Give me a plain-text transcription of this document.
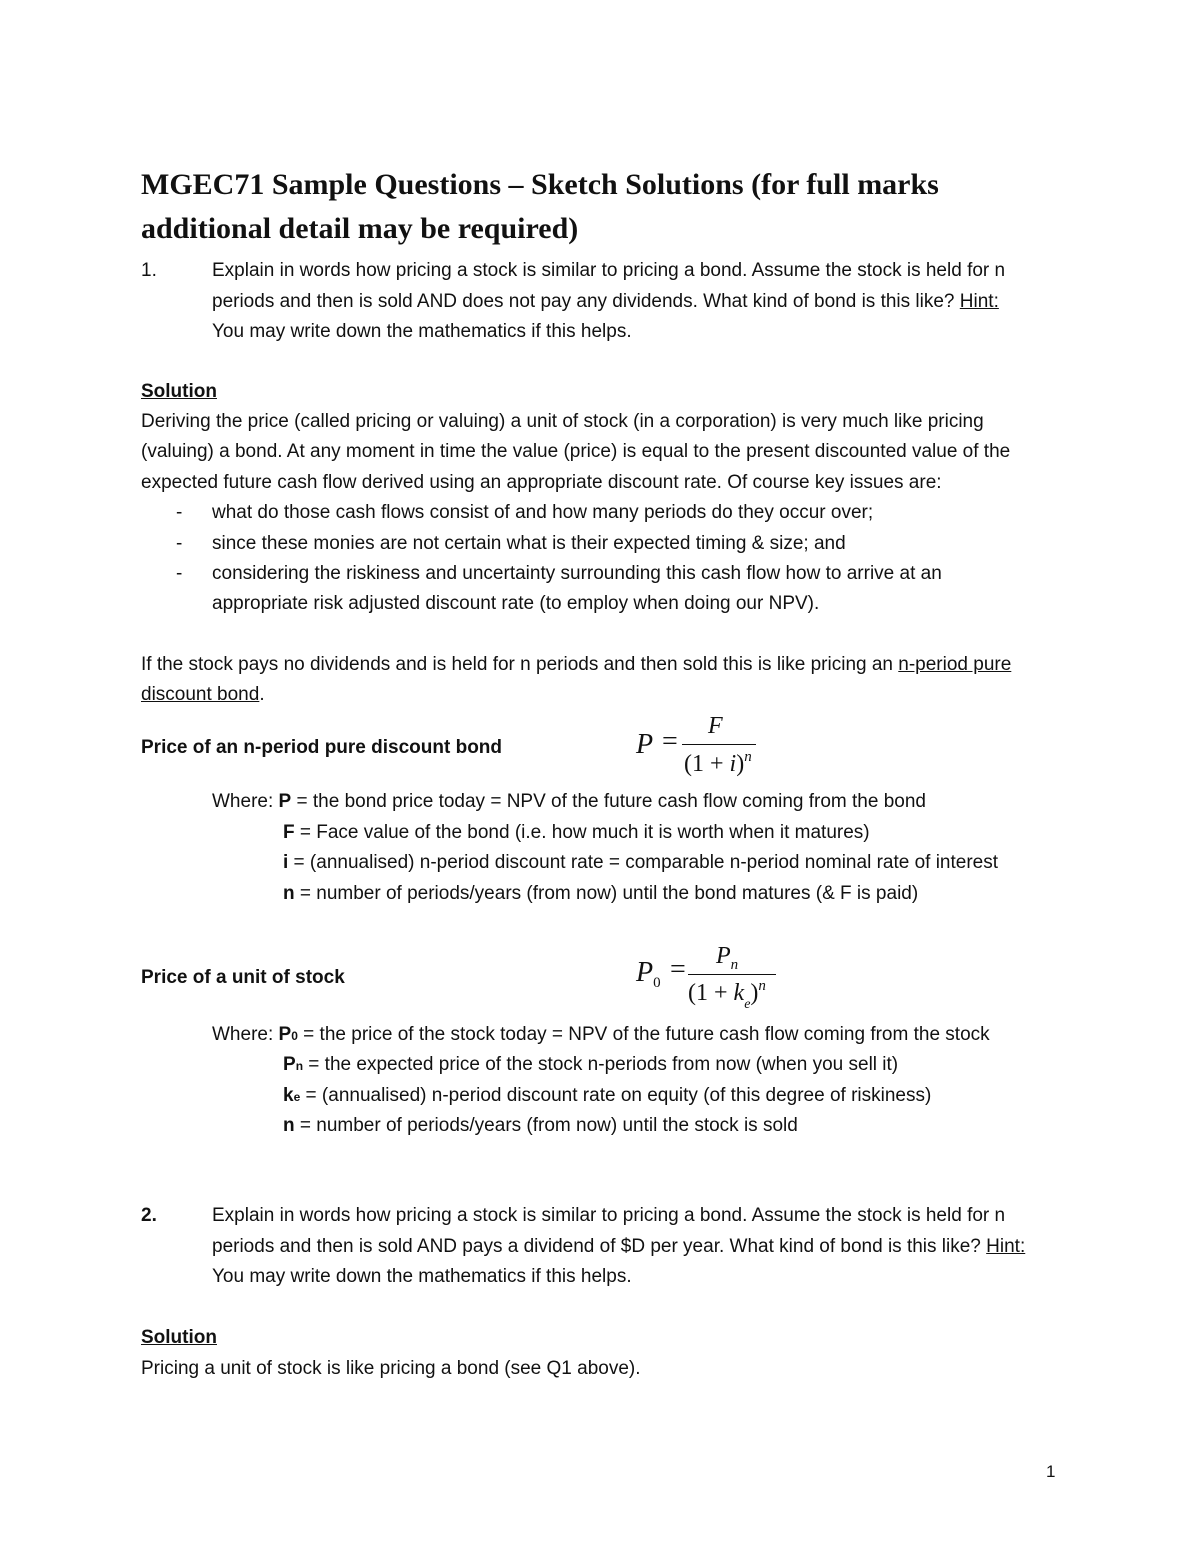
MGEC71 Sample Questions – Sketch Solutions (for full marks
additional detail may be required)
1.	Explain in words how pricing a stock is similar to pricing a bond. Assume the stock is held for n
periods and then is sold AND does not pay any dividends. What kind of bond is this like? Hint:
You may write down the mathematics if this helps.
Solution
Deriving the price (called pricing or valuing) a unit of stock (in a corporation) is very much like pricing
(valuing) a bond. At any moment in time the value (price) is equal to the present discounted value of the
expected future cash flow derived using an appropriate discount rate. Of course key issues are:
- what do those cash flows consist of and how many periods do they occur over;
- since these monies are not certain what is their expected timing & size; and
- considering the riskiness and uncertainty surrounding this cash flow how to arrive at an
appropriate risk adjusted discount rate (to employ when doing our NPV).
If the stock pays no dividends and is held for n periods and then sold this is like pricing an n-period pure
discount bond.
Price of an n-period pure discount bond	P = F
$(1 + i)^n$
Where: P = the bond price today = NPV of the future cash flow coming from the bond
F = Face value of the bond (i.e. how much it is worth when it matures)
i = (annualised) n-period discount rate = comparable n-period nominal rate of interest
n = number of periods/years (from now) until the bond matures (& F is paid)
Price of a unit of stock	$P_0 = P_n$
$(1 + k_e)^n$
Where: P0 = the price of the stock today = NPV of the future cash flow coming from the stock
Pn = the expected price of the stock n-periods from now (when you sell it)
ke = (annualised) n-period discount rate on equity (of this degree of riskiness)
n = number of periods/years (from now) until the stock is sold
2.	Explain in words how pricing a stock is similar to pricing a bond. Assume the stock is held for n
periods and then is sold AND pays a dividend of $D per year. What kind of bond is this like? Hint:
You may write down the mathematics if this helps.
Solution
Pricing a unit of stock is like pricing a bond (see Q1 above).
1
